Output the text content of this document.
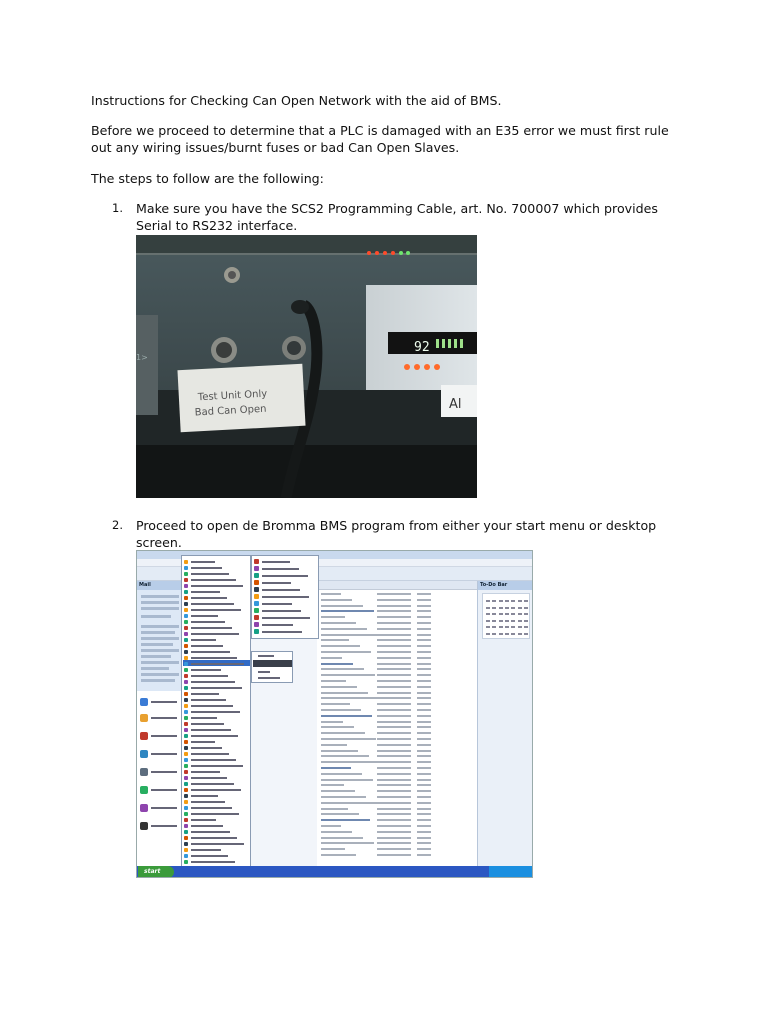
Instructions for Checking Can Open Network with the aid of BMS.

Before we proceed to determine that a PLC is damaged with an E35 error we must first rule out any wiring issues/burnt fuses or bad Can Open Slaves.

The steps to follow are the following:

1. Make sure you have the SCS2 Programming Cable, art. No. 700007 which provides Serial to RS232 interface.
Test Unit Only
Bad Can Open
92
Al
1>
2. Proceed to open de Bromma BMS program from either your start menu or desktop screen.
Mail	To-Do Bar
start
